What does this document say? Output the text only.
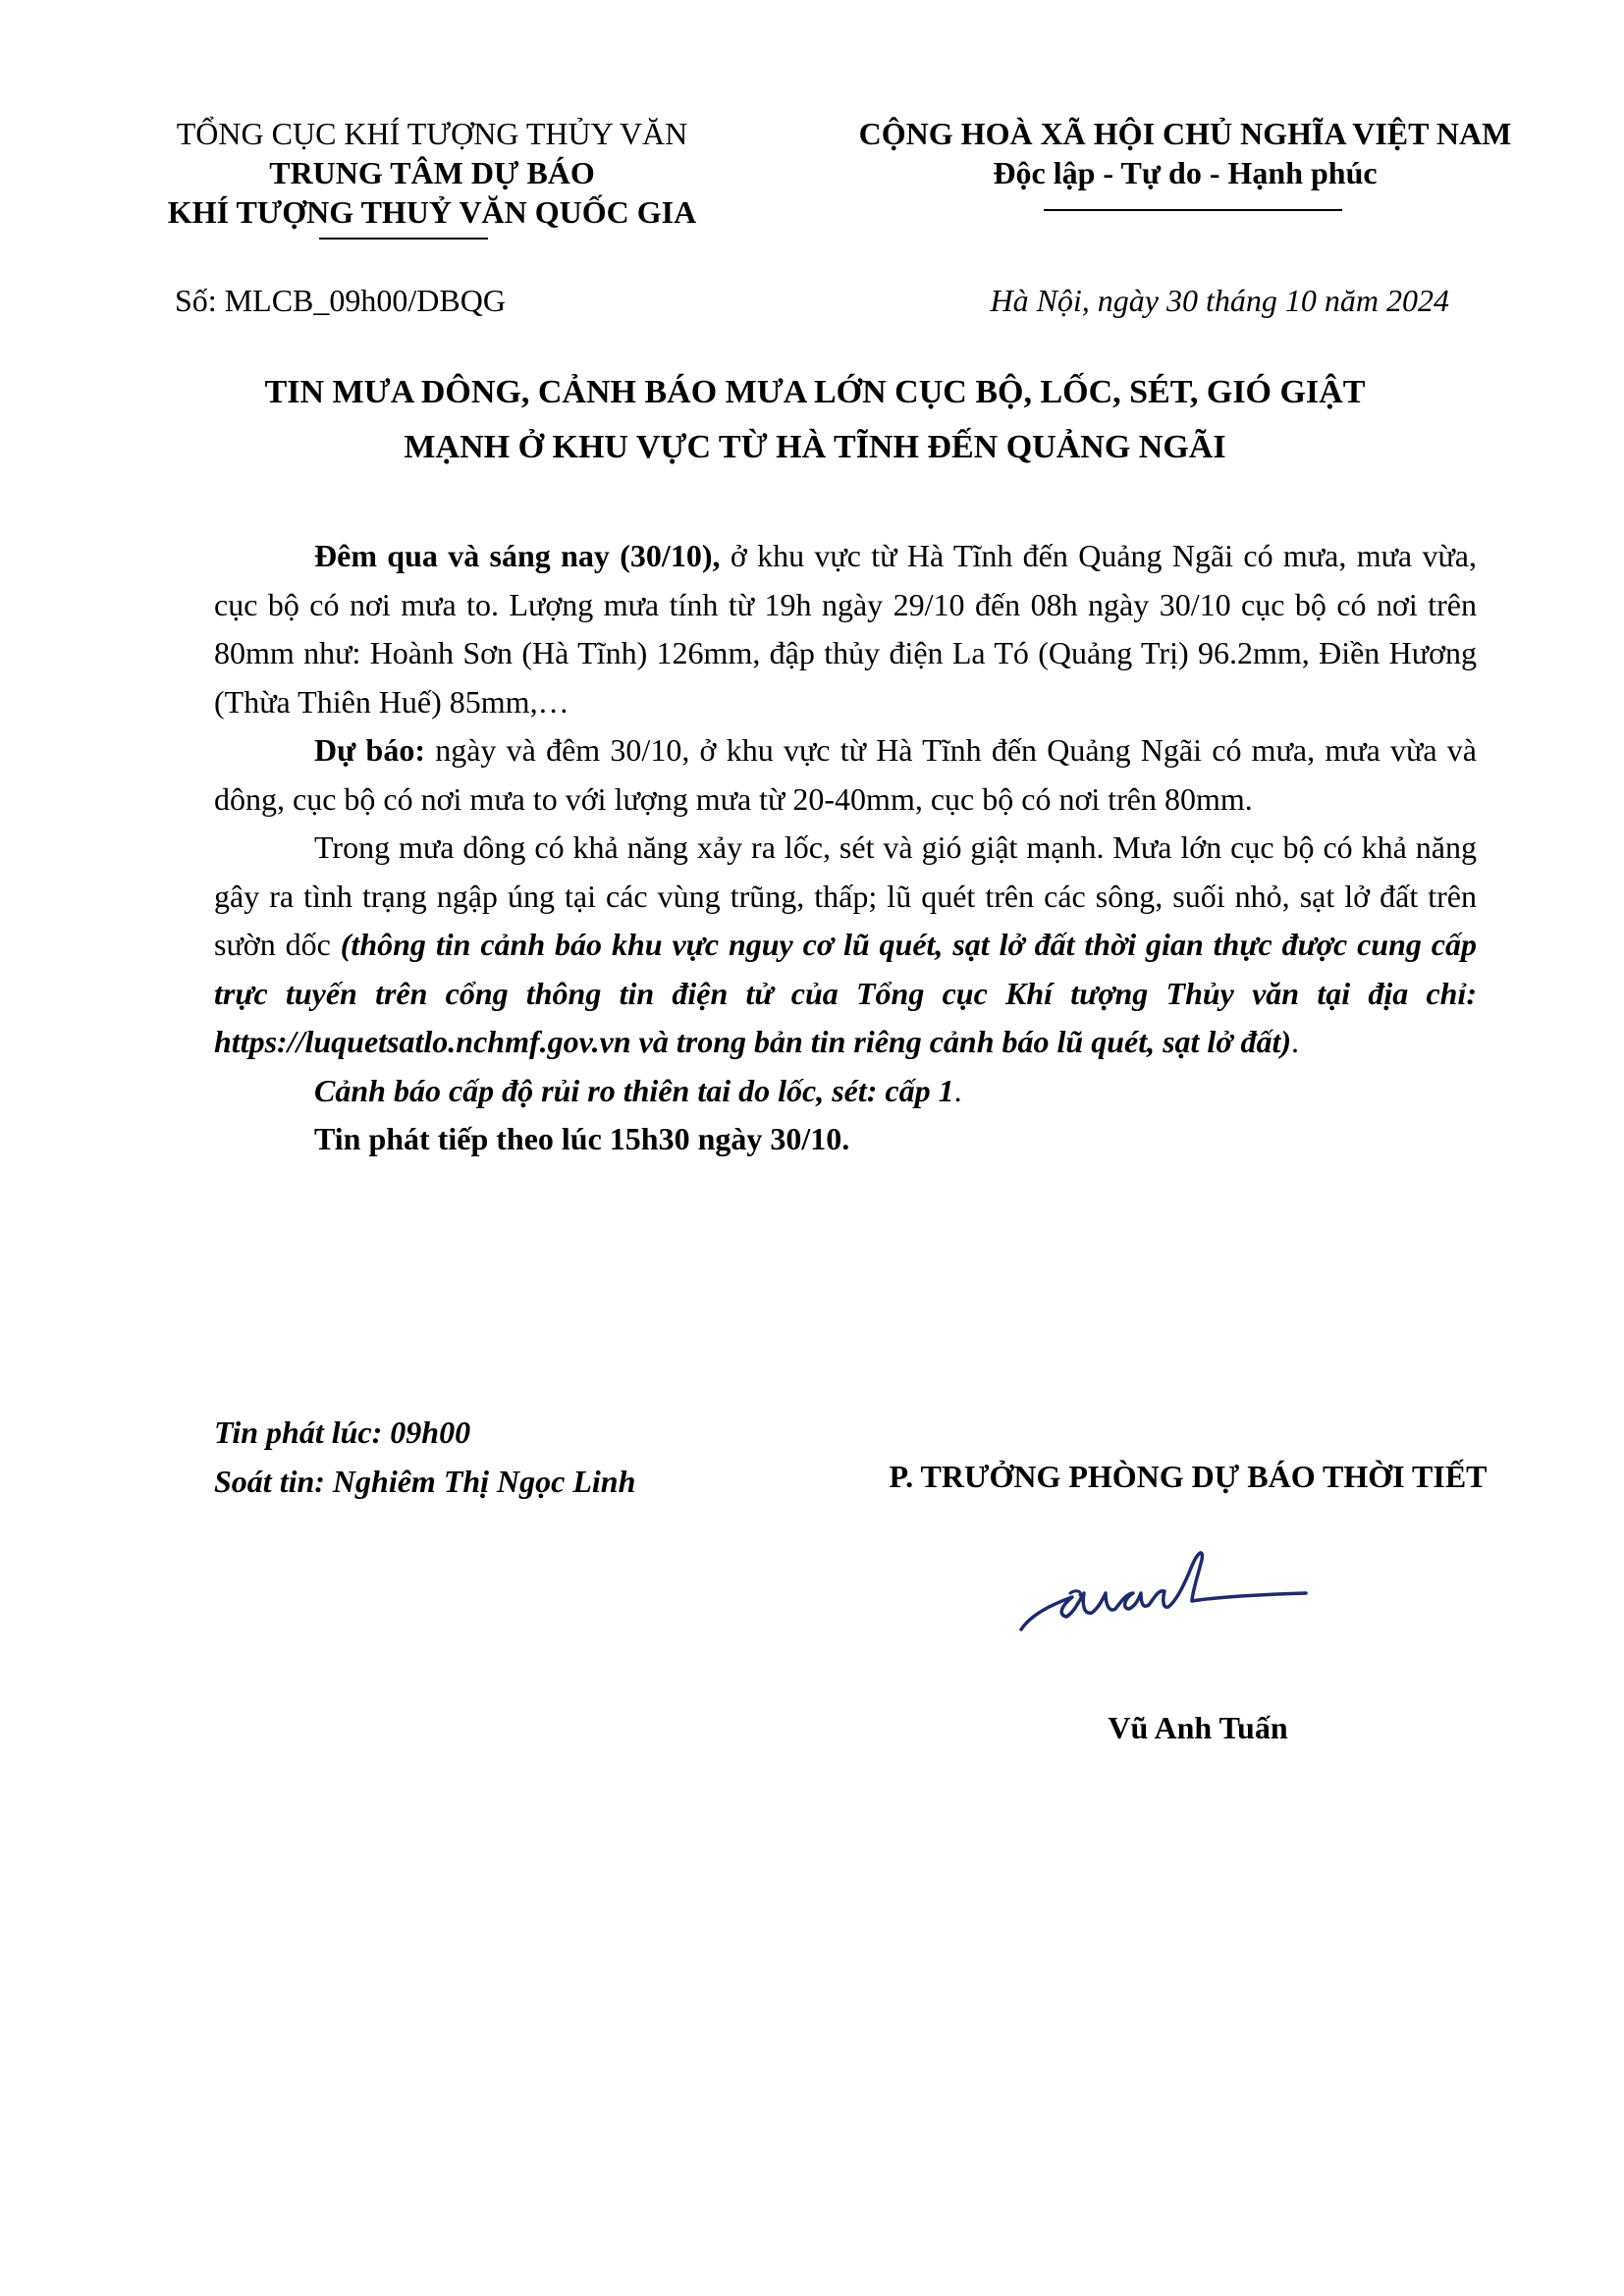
TỔNG CỤC KHÍ TƯỢNG THỦY VĂN
TRUNG TÂM DỰ BÁO
KHÍ TƯỢNG THUỶ VĂN QUỐC GIA
CỘNG HOÀ XÃ HỘI CHỦ NGHĨA VIỆT NAM
Độc lập - Tự do - Hạnh phúc
Số: MLCB_09h00/DBQG	Hà Nội, ngày 30 tháng 10 năm 2024
TIN MƯA DÔNG, CẢNH BÁO MƯA LỚN CỤC BỘ, LỐC, SÉT, GIÓ GIẬT
MẠNH Ở KHU VỰC TỪ HÀ TĨNH ĐẾN QUẢNG NGÃI

Đêm qua và sáng nay (30/10), ở khu vực từ Hà Tĩnh đến Quảng Ngãi có mưa, mưa vừa, cục bộ có nơi mưa to. Lượng mưa tính từ 19h ngày 29/10 đến 08h ngày 30/10 cục bộ có nơi trên 80mm như: Hoành Sơn (Hà Tĩnh) 126mm, đập thủy điện La Tó (Quảng Trị) 96.2mm, Điền Hương (Thừa Thiên Huế) 85mm,…

Dự báo: ngày và đêm 30/10, ở khu vực từ Hà Tĩnh đến Quảng Ngãi có mưa, mưa vừa và dông, cục bộ có nơi mưa to với lượng mưa từ 20-40mm, cục bộ có nơi trên 80mm.

Trong mưa dông có khả năng xảy ra lốc, sét và gió giật mạnh. Mưa lớn cục bộ có khả năng gây ra tình trạng ngập úng tại các vùng trũng, thấp; lũ quét trên các sông, suối nhỏ, sạt lở đất trên sườn dốc (thông tin cảnh báo khu vực nguy cơ lũ quét, sạt lở đất thời gian thực được cung cấp trực tuyến trên cổng thông tin điện tử của Tổng cục Khí tượng Thủy văn tại địa chỉ: https://luquetsatlo.nchmf.gov.vn và trong bản tin riêng cảnh báo lũ quét, sạt lở đất).

Cảnh báo cấp độ rủi ro thiên tai do lốc, sét: cấp 1.

Tin phát tiếp theo lúc 15h30 ngày 30/10.

Tin phát lúc: 09h00
Soát tin: Nghiêm Thị Ngọc Linh	P. TRƯỞNG PHÒNG DỰ BÁO THỜI TIẾT
Vũ Anh Tuấn
